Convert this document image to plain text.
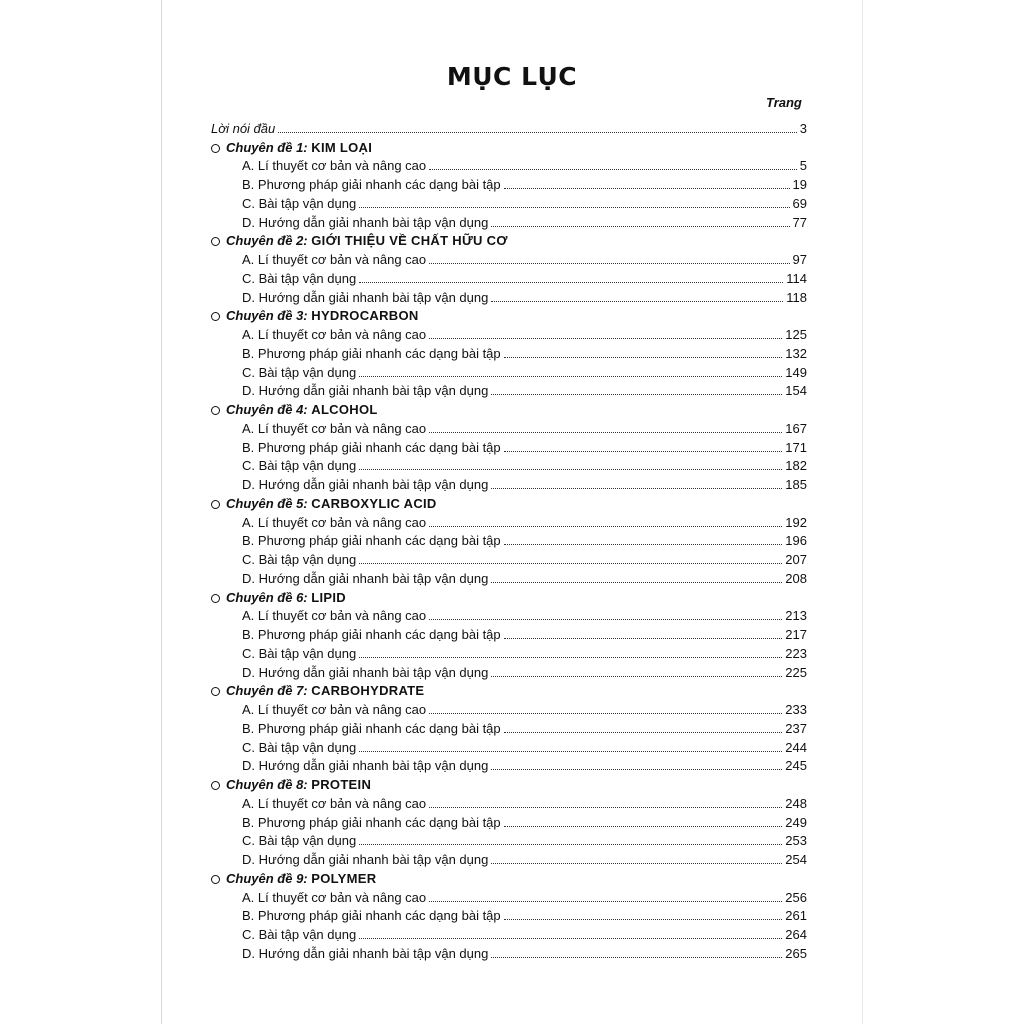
MỤC LỤC
Trang
Lời nói đầu	3
Chuyên đề 1: KIM LOẠI
A. Lí thuyết cơ bản và nâng cao	5
B. Phương pháp giải nhanh các dạng bài tập	19
C. Bài tập vận dụng	69
D. Hướng dẫn giải nhanh bài tập vận dụng	77
Chuyên đề 2: GIỚI THIỆU VỀ CHẤT HỮU CƠ
A. Lí thuyết cơ bản và nâng cao	97
C. Bài tập vận dụng	114
D. Hướng dẫn giải nhanh bài tập vận dụng	118
Chuyên đề 3: HYDROCARBON
A. Lí thuyết cơ bản và nâng cao	125
B. Phương pháp giải nhanh các dạng bài tập	132
C. Bài tập vận dụng	149
D. Hướng dẫn giải nhanh bài tập vận dụng	154
Chuyên đề 4: ALCOHOL
A. Lí thuyết cơ bản và nâng cao	167
B. Phương pháp giải nhanh các dạng bài tập	171
C. Bài tập vận dụng	182
D. Hướng dẫn giải nhanh bài tập vận dụng	185
Chuyên đề 5: CARBOXYLIC ACID
A. Lí thuyết cơ bản và nâng cao	192
B. Phương pháp giải nhanh các dạng bài tập	196
C. Bài tập vận dụng	207
D. Hướng dẫn giải nhanh bài tập vận dụng	208
Chuyên đề 6: LIPID
A. Lí thuyết cơ bản và nâng cao	213
B. Phương pháp giải nhanh các dạng bài tập	217
C. Bài tập vận dụng	223
D. Hướng dẫn giải nhanh bài tập vận dụng	225
Chuyên đề 7: CARBOHYDRATE
A. Lí thuyết cơ bản và nâng cao	233
B. Phương pháp giải nhanh các dạng bài tập	237
C. Bài tập vận dụng	244
D. Hướng dẫn giải nhanh bài tập vận dụng	245
Chuyên đề 8: PROTEIN
A. Lí thuyết cơ bản và nâng cao	248
B. Phương pháp giải nhanh các dạng bài tập	249
C. Bài tập vận dụng	253
D. Hướng dẫn giải nhanh bài tập vận dụng	254
Chuyên đề 9: POLYMER
A. Lí thuyết cơ bản và nâng cao	256
B. Phương pháp giải nhanh các dạng bài tập	261
C. Bài tập vận dụng	264
D. Hướng dẫn giải nhanh bài tập vận dụng	265
